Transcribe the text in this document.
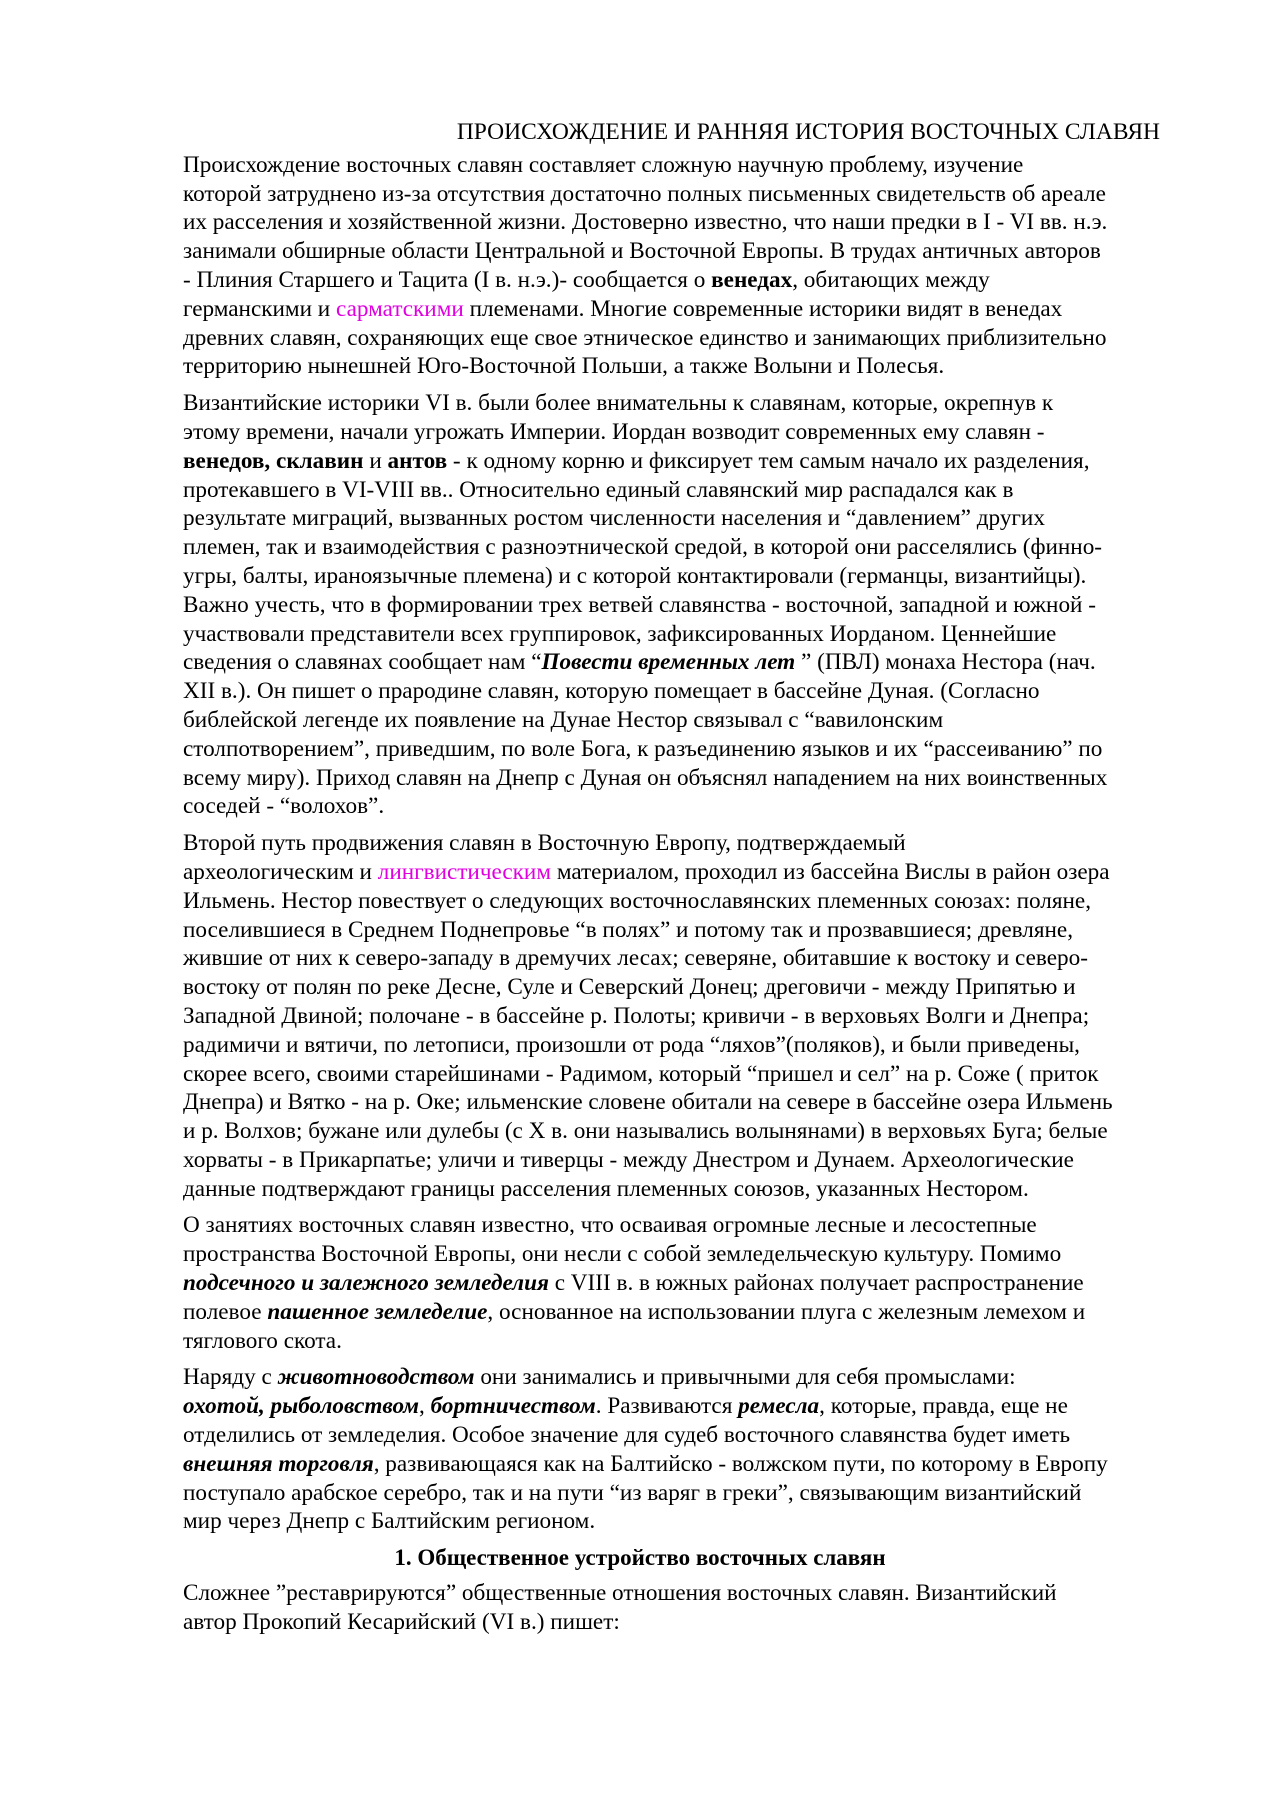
ПРОИСХОЖДЕНИЕ И РАННЯЯ ИСТОРИЯ ВОСТОЧНЫХ СЛАВЯН

Происхождение восточных славян составляет сложную научную проблему, изучение
которой затруднено из-за отсутствия достаточно полных письменных свидетельств об ареале
их расселения и хозяйственной жизни. Достоверно известно, что наши предки в I - VI вв. н.э.
занимали обширные области Центральной и Восточной Европы. В трудах античных авторов
- Плиния Старшего и Тацита (I в. н.э.)- сообщается о венедах, обитающих между
германскими и сарматскими племенами. Многие современные историки видят в венедах
древних славян, сохраняющих еще свое этническое единство и занимающих приблизительно
территорию нынешней Юго-Восточной Польши, а также Волыни и Полесья.

Византийские историки VI в. были более внимательны к славянам, которые, окрепнув к
этому времени, начали угрожать Империи. Иордан возводит современных ему славян -
венедов, склавин и антов - к одному корню и фиксирует тем самым начало их разделения,
протекавшего в VI-VIII вв.. Относительно единый славянский мир распадался как в
результате миграций, вызванных ростом численности населения и “давлением” других
племен, так и взаимодействия с разноэтнической средой, в которой они расселялись (финно-
угры, балты, ираноязычные племена) и с которой контактировали (германцы, византийцы).
Важно учесть, что в формировании трех ветвей славянства - восточной, западной и южной -
участвовали представители всех группировок, зафиксированных Иорданом. Ценнейшие
сведения о славянах сообщает нам “Повести временных лет ” (ПВЛ) монаха Нестора (нач.
XII в.). Он пишет о прародине славян, которую помещает в бассейне Дуная. (Согласно
библейской легенде их появление на Дунае Нестор связывал с “вавилонским
столпотворением”, приведшим, по воле Бога, к разъединению языков и их “рассеиванию” по
всему миру). Приход славян на Днепр с Дуная он объяснял нападением на них воинственных
соседей - “волохов”.

Второй путь продвижения славян в Восточную Европу, подтверждаемый
археологическим и лингвистическим материалом, проходил из бассейна Вислы в район озера
Ильмень. Нестор повествует о следующих восточнославянских племенных союзах: поляне,
поселившиеся в Среднем Поднепровье “в полях” и потому так и прозвавшиеся; древляне,
жившие от них к северо-западу в дремучих лесах; северяне, обитавшие к востоку и северо-
востоку от полян по реке Десне, Суле и Северский Донец; дреговичи - между Припятью и
Западной Двиной; полочане - в бассейне р. Полоты; кривичи - в верховьях Волги и Днепра;
радимичи и вятичи, по летописи, произошли от рода “ляхов”(поляков), и были приведены,
скорее всего, своими старейшинами - Радимом, который “пришел и сел” на р. Соже ( приток
Днепра) и Вятко - на р. Оке; ильменские словене обитали на севере в бассейне озера Ильмень
и р. Волхов; бужане или дулебы (с X в. они назывались волынянами) в верховьях Буга; белые
хорваты - в Прикарпатье; уличи и тиверцы - между Днестром и Дунаем. Археологические
данные подтверждают границы расселения племенных союзов, указанных Нестором.

О занятиях восточных славян известно, что осваивая огромные лесные и лесостепные
пространства Восточной Европы, они несли с собой земледельческую культуру. Помимо
подсечного и залежного земледелия с VIII в. в южных районах получает распространение
полевое пашенное земледелие, основанное на использовании плуга с железным лемехом и
тяглового скота.

Наряду с животноводством они занимались и привычными для себя промыслами:
охотой, рыболовством, бортничеством. Развиваются ремесла, которые, правда, еще не
отделились от земледелия. Особое значение для судеб восточного славянства будет иметь
внешняя торговля, развивающаяся как на Балтийско - волжском пути, по которому в Европу
поступало арабское серебро, так и на пути “из варяг в греки”, связывающим византийский
мир через Днепр с Балтийским регионом.

1. Общественное устройство восточных славян

Сложнее ”реставрируются” общественные отношения восточных славян. Византийский
автор Прокопий Кесарийский (VI в.) пишет:
